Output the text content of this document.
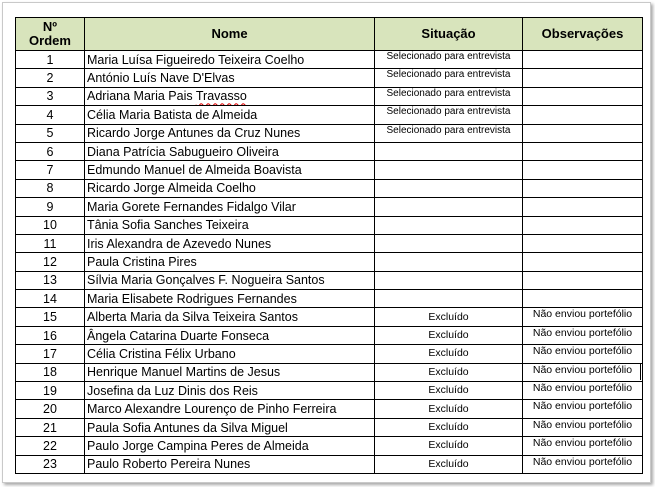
Nº
Ordem	Nome	Situação	Observações
1	Maria Luísa Figueiredo Teixeira Coelho	Selecionado para entrevista	
2	António Luís Nave D'Elvas	Selecionado para entrevista	
3	Adriana Maria Pais Travasso	Selecionado para entrevista	
4	Célia Maria Batista de Almeida	Selecionado para entrevista	
5	Ricardo Jorge Antunes da Cruz Nunes	Selecionado para entrevista	
6	Diana Patrícia Sabugueiro Oliveira		
7	Edmundo Manuel de Almeida Boavista		
8	Ricardo Jorge Almeida Coelho		
9	Maria Gorete Fernandes Fidalgo Vilar		
10	Tânia Sofia Sanches Teixeira		
11	Iris Alexandra de Azevedo Nunes		
12	Paula Cristina Pires		
13	Sílvia Maria Gonçalves F. Nogueira Santos		
14	Maria Elisabete Rodrigues Fernandes		
15	Alberta Maria da Silva Teixeira Santos	Excluído	Não enviou portefólio
16	Ângela Catarina Duarte Fonseca	Excluído	Não enviou portefólio
17	Célia Cristina Félix Urbano	Excluído	Não enviou portefólio
18	Henrique Manuel Martins de Jesus	Excluído	Não enviou portefólio
19	Josefina da Luz Dinis dos Reis	Excluído	Não enviou portefólio
20	Marco Alexandre Lourenço de Pinho Ferreira	Excluído	Não enviou portefólio
21	Paula Sofia Antunes da Silva Miguel	Excluído	Não enviou portefólio
22	Paulo Jorge Campina Peres de Almeida	Excluído	Não enviou portefólio
23	Paulo Roberto Pereira Nunes	Excluído	Não enviou portefólio
